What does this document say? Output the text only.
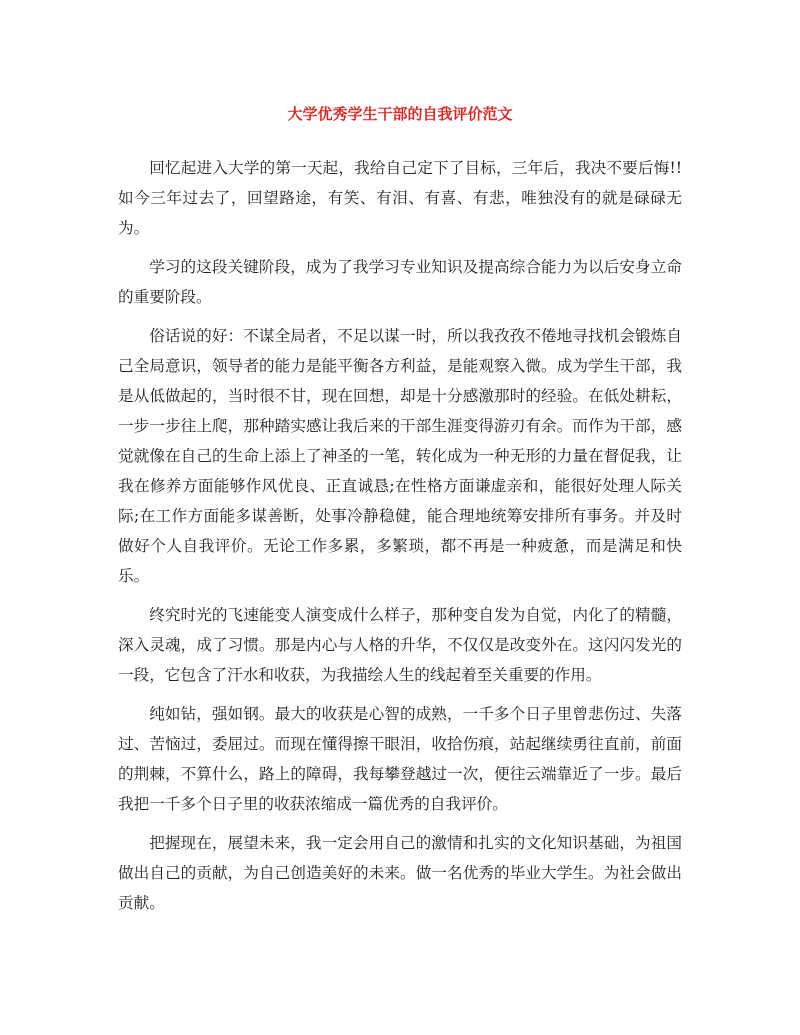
大学优秀学生干部的自我评价范文

回忆起进入大学的第一天起，我给自己定下了目标，三年后，我决不要后悔!!如今三年过去了，回望路途，有笑、有泪、有喜、有悲，唯独没有的就是碌碌无为。

学习的这段关键阶段，成为了我学习专业知识及提高综合能力为以后安身立命的重要阶段。

俗话说的好：不谋全局者，不足以谋一时，所以我孜孜不倦地寻找机会锻炼自己全局意识，领导者的能力是能平衡各方利益，是能观察入微。成为学生干部，我是从低做起的，当时很不甘，现在回想，却是十分感激那时的经验。在低处耕耘，一步一步往上爬，那种踏实感让我后来的干部生涯变得游刃有余。而作为干部，感觉就像在自己的生命上添上了神圣的一笔，转化成为一种无形的力量在督促我，让我在修养方面能够作风优良、正直诚恳;在性格方面谦虚亲和，能很好处理人际关际;在工作方面能多谋善断，处事冷静稳健，能合理地统筹安排所有事务。并及时做好个人自我评价。无论工作多累，多繁琐，都不再是一种疲惫，而是满足和快乐。

终究时光的飞速能变人演变成什么样子，那种变自发为自觉，内化了的精髓，深入灵魂，成了习惯。那是内心与人格的升华，不仅仅是改变外在。这闪闪发光的一段，它包含了汗水和收获，为我描绘人生的线起着至关重要的作用。

纯如钻，强如钢。最大的收获是心智的成熟，一千多个日子里曾悲伤过、失落过、苦恼过，委屈过。而现在懂得擦干眼泪，收拾伤痕，站起继续勇往直前，前面的荆棘，不算什么，路上的障碍，我每攀登越过一次，便往云端靠近了一步。最后我把一千多个日子里的收获浓缩成一篇优秀的自我评价。

把握现在，展望未来，我一定会用自己的激情和扎实的文化知识基础，为祖国做出自己的贡献，为自己创造美好的未来。做一名优秀的毕业大学生。为社会做出贡献。
